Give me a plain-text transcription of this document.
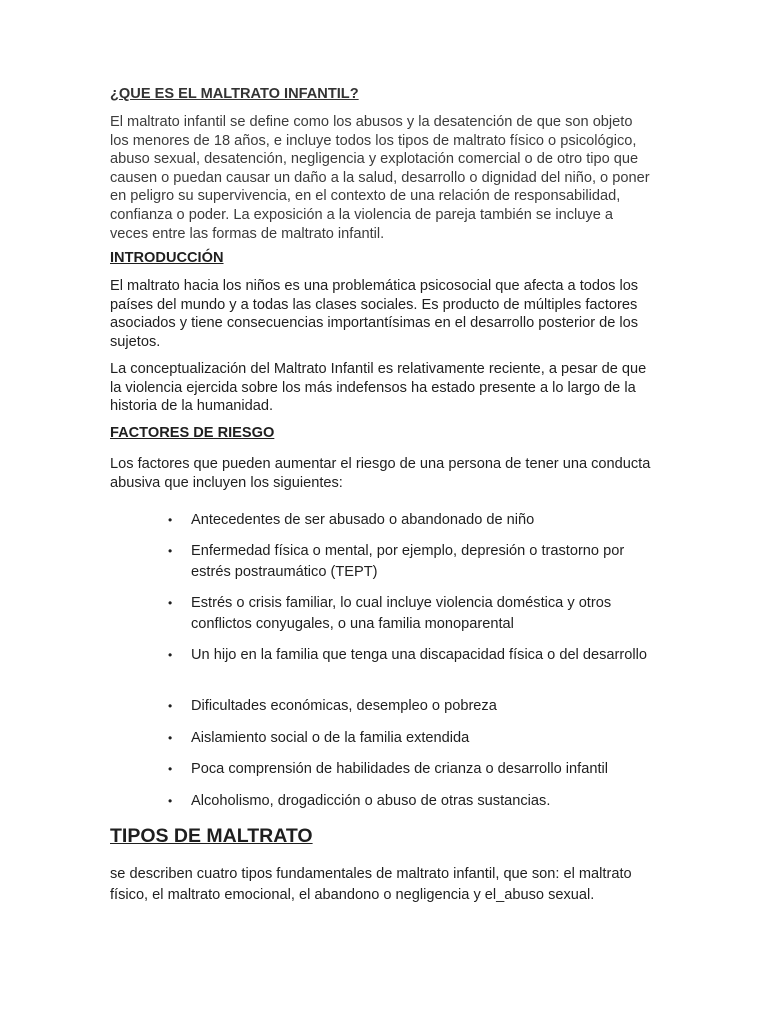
¿QUE ES EL MALTRATO INFANTIL?

El maltrato infantil se define como los abusos y la desatención de que son objeto los menores de 18 años, e incluye todos los tipos de maltrato físico o psicológico, abuso sexual, desatención, negligencia y explotación comercial o de otro tipo que causen o puedan causar un daño a la salud, desarrollo o dignidad del niño, o poner en peligro su supervivencia, en el contexto de una relación de responsabilidad, confianza o poder. La exposición a la violencia de pareja también se incluye a veces entre las formas de maltrato infantil.

INTRODUCCIÓN

El maltrato hacia los niños es una problemática psicosocial que afecta a todos los países del mundo y a todas las clases sociales. Es producto de múltiples factores asociados y tiene consecuencias importantísimas en el desarrollo posterior de los sujetos.

La conceptualización del Maltrato Infantil es relativamente reciente, a pesar de que la violencia ejercida sobre los más indefensos ha estado presente a lo largo de la historia de la humanidad.

FACTORES DE RIESGO

Los factores que pueden aumentar el riesgo de una persona de tener una conducta abusiva que incluyen los siguientes:

• Antecedentes de ser abusado o abandonado de niño
• Enfermedad física o mental, por ejemplo, depresión o trastorno por estrés postraumático (TEPT)
• Estrés o crisis familiar, lo cual incluye violencia doméstica y otros conflictos conyugales, o una familia monoparental
• Un hijo en la familia que tenga una discapacidad física o del desarrollo
• Dificultades económicas, desempleo o pobreza
• Aislamiento social o de la familia extendida
• Poca comprensión de habilidades de crianza o desarrollo infantil
• Alcoholismo, drogadicción o abuso de otras sustancias.

TIPOS DE MALTRATO

se describen cuatro tipos fundamentales de maltrato infantil, que son: el maltrato físico, el maltrato emocional, el abandono o negligencia y el_abuso sexual.
